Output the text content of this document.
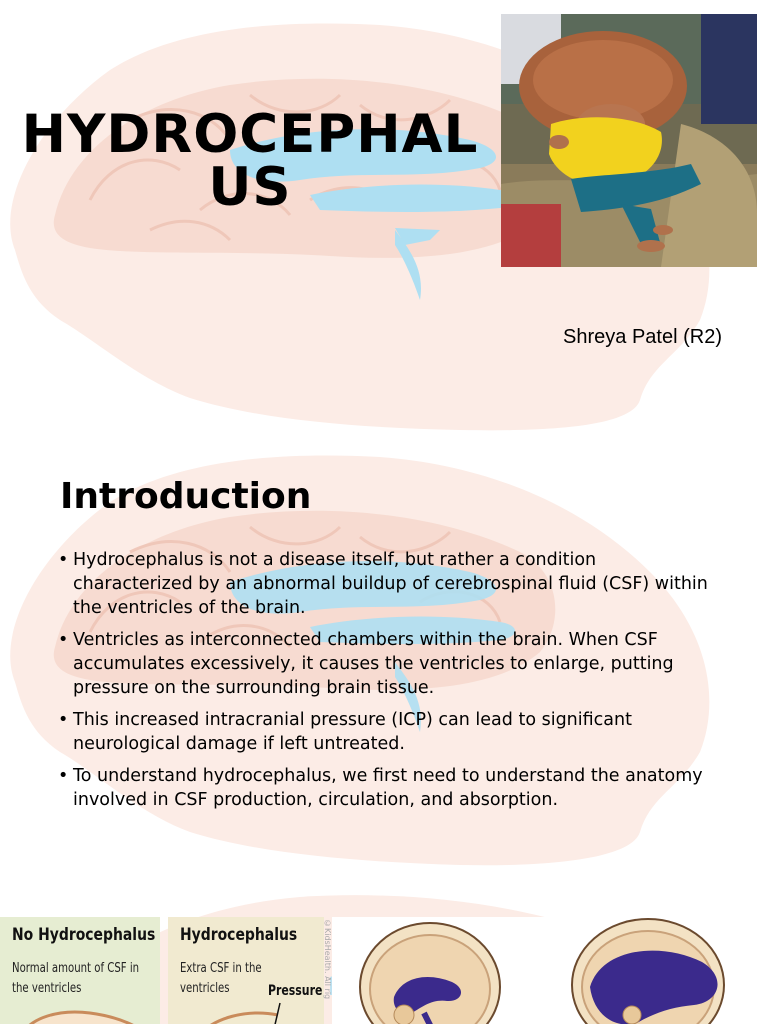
HYDROCEPHAL
US
Shreya Patel (R2)
Introduction
• Hydrocephalus is not a disease itself, but rather a condition characterized by an abnormal buildup of cerebrospinal fluid (CSF) within the ventricles of the brain.
• Ventricles as interconnected chambers within the brain. When CSF accumulates excessively, it causes the ventricles to enlarge, putting pressure on the surrounding brain tissue.
• This increased intracranial pressure (ICP) can lead to significant neurological damage if left untreated.
• To understand hydrocephalus, we first need to understand the anatomy involved in CSF production, circulation, and absorption.
No Hydrocephalus
Normal amount of CSF in the ventricles
Hydrocephalus
Extra CSF in the ventricles	Pressure ©KidsHealth. All rig
